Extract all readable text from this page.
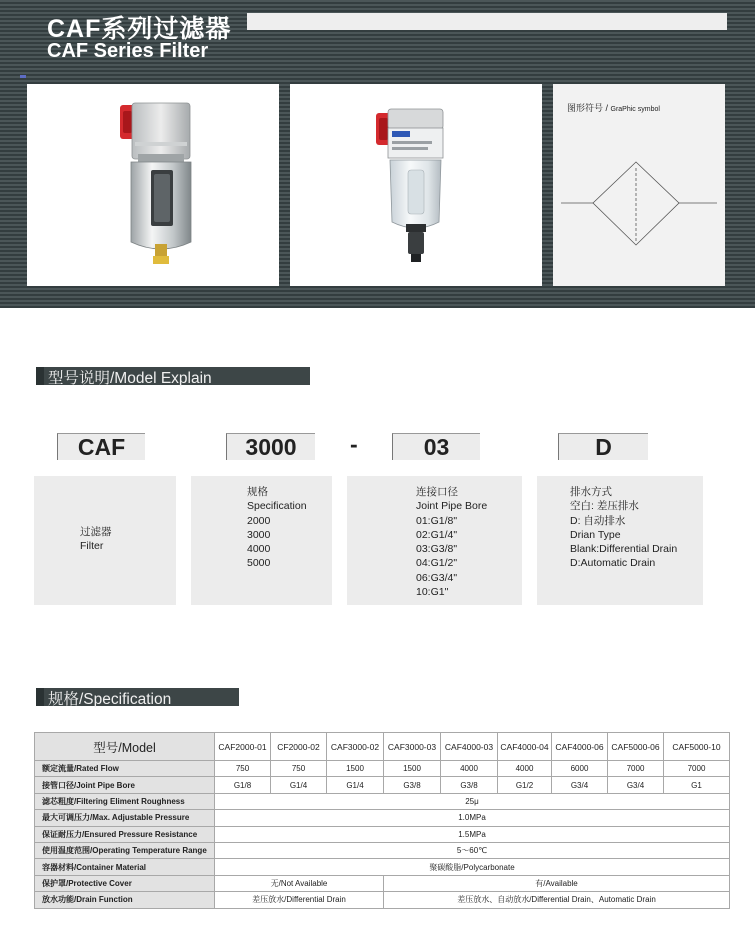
CAF系列过滤器
CAF Series Filter
图形符号 / GraPhic symbol
型号说明/Model Explain
CAF	3000	-	03	D
过滤器
Filter
规格
Specification
2000
3000
4000
5000
连接口径
Joint Pipe Bore
01:G1/8"
02:G1/4"
03:G3/8"
04:G1/2"
06:G3/4"
10:G1"
排水方式
空白: 差压排水
D: 自动排水
Drian Type
Blank:Differential Drain
D:Automatic Drain
规格/Specification
型号/Model	CAF2000-01	CF2000-02	CAF3000-02	CAF3000-03	CAF4000-03	CAF4000-04	CAF4000-06	CAF5000-06	CAF5000-10
额定流量/Rated Flow	750	750	1500	1500	4000	4000	6000	7000	7000
接管口径/Joint Pipe Bore	G1/8	G1/4	G1/4	G3/8	G3/8	G1/2	G3/4	G3/4	G1
滤芯粗度/Filtering Eliment Roughness	25μ								
最大可调压力/Max. Adjustable Pressure	1.0MPa								
保证耐压力/Ensured Pressure Resistance	1.5MPa								
使用温度范围/Operating Temperature Range	5～60℃								
容器材料/Container Material	聚碳酸脂/Polycarbonate								
保护罩/Protective Cover	无/Not Available			有/Available					
放水功能/Drain Function	差压放水/Differential Drain			差压放水、自动放水/Differential Drain、Automatic Drain					
